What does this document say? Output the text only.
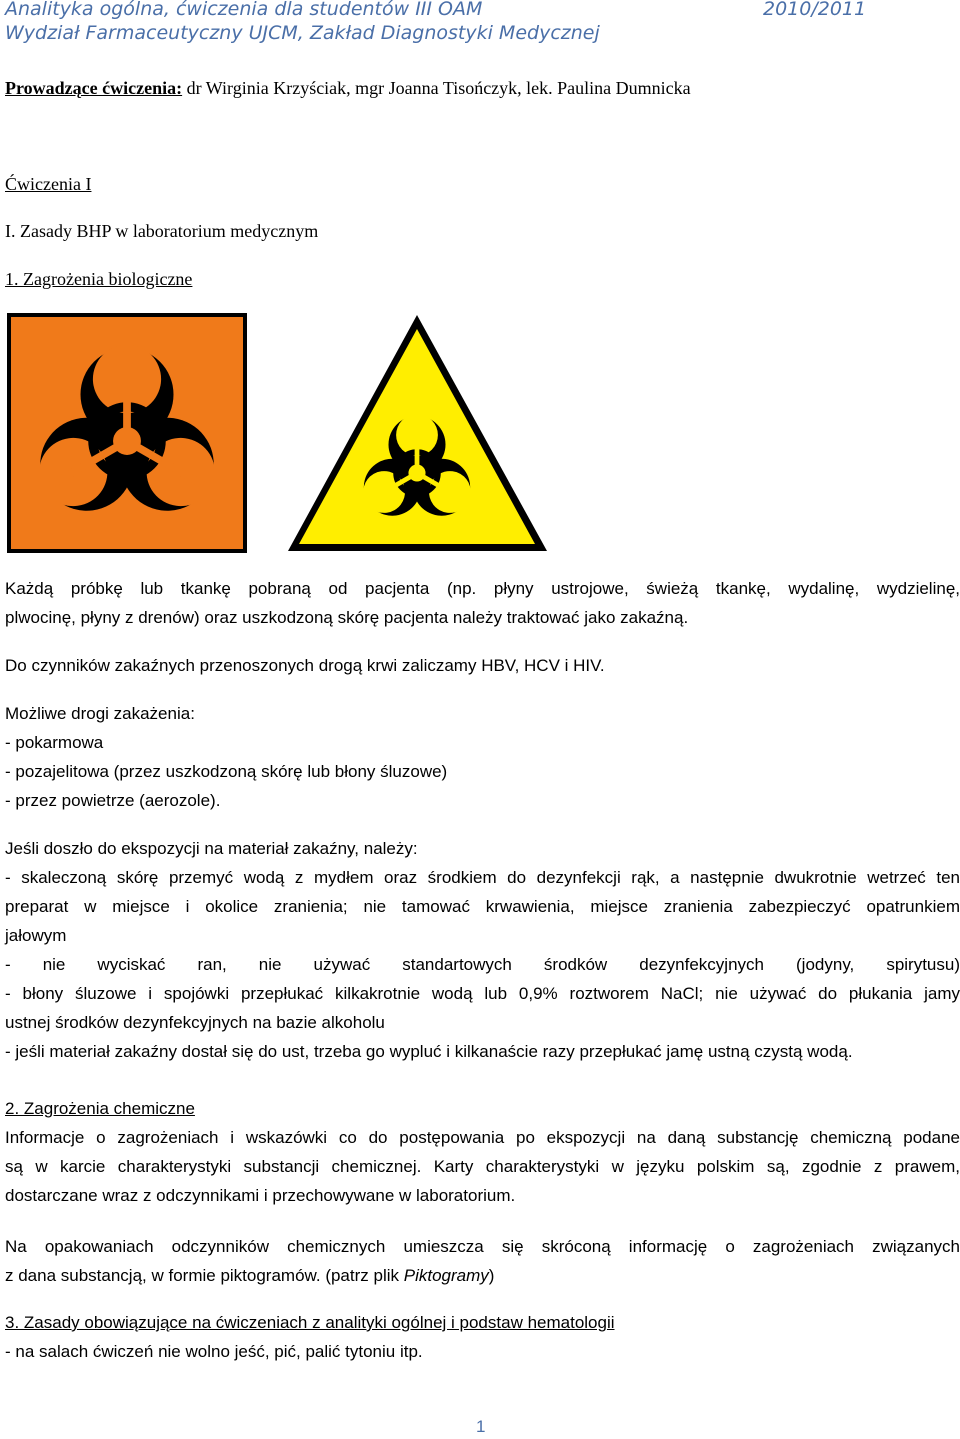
Analityka ogólna, ćwiczenia dla studentów III OAM	2010/2011
Wydział Farmaceutyczny UJCM, Zakład Diagnostyki Medycznej
Prowadzące ćwiczenia: dr Wirginia Krzyściak, mgr Joanna Tisończyk, lek. Paulina Dumnicka
Ćwiczenia I
I. Zasady BHP w laboratorium medycznym
1. Zagrożenia biologiczne
Każdą próbkę lub tkankę pobraną od pacjenta (np. płyny ustrojowe, świeżą tkankę, wydalinę, wydzielinę,
plwocinę, płyny z drenów) oraz uszkodzoną skórę pacjenta należy traktować jako zakaźną.
Do czynników zakaźnych przenoszonych drogą krwi zaliczamy HBV, HCV i HIV.
Możliwe drogi zakażenia:
- pokarmowa
- pozajelitowa (przez uszkodzoną skórę lub błony śluzowe)
- przez powietrze (aerozole).
Jeśli doszło do ekspozycji na materiał zakaźny, należy:
- skaleczoną skórę przemyć wodą z mydłem oraz środkiem do dezynfekcji rąk, a następnie dwukrotnie wetrzeć ten
preparat w miejsce i okolice zranienia; nie tamować krwawienia, miejsce zranienia zabezpieczyć opatrunkiem
jałowym
- nie wyciskać ran, nie używać standartowych środków dezynfekcyjnych (jodyny, spirytusu)
- błony śluzowe i spojówki przepłukać kilkakrotnie wodą lub 0,9% roztworem NaCl; nie używać do płukania jamy
ustnej środków dezynfekcyjnych na bazie alkoholu
- jeśli materiał zakaźny dostał się do ust, trzeba go wypluć i kilkanaście razy przepłukać jamę ustną czystą wodą.
2. Zagrożenia chemiczne
Informacje o zagrożeniach i wskazówki co do postępowania po ekspozycji na daną substancję chemiczną podane
są w karcie charakterystyki substancji chemicznej. Karty charakterystyki w języku polskim są, zgodnie z prawem,
dostarczane wraz z odczynnikami i przechowywane w laboratorium.
Na opakowaniach odczynników chemicznych umieszcza się skróconą informację o zagrożeniach związanych
z dana substancją, w formie piktogramów. (patrz plik Piktogramy)
3. Zasady obowiązujące na ćwiczeniach z analityki ogólnej i podstaw hematologii
- na salach ćwiczeń nie wolno jeść, pić, palić tytoniu itp.
1
